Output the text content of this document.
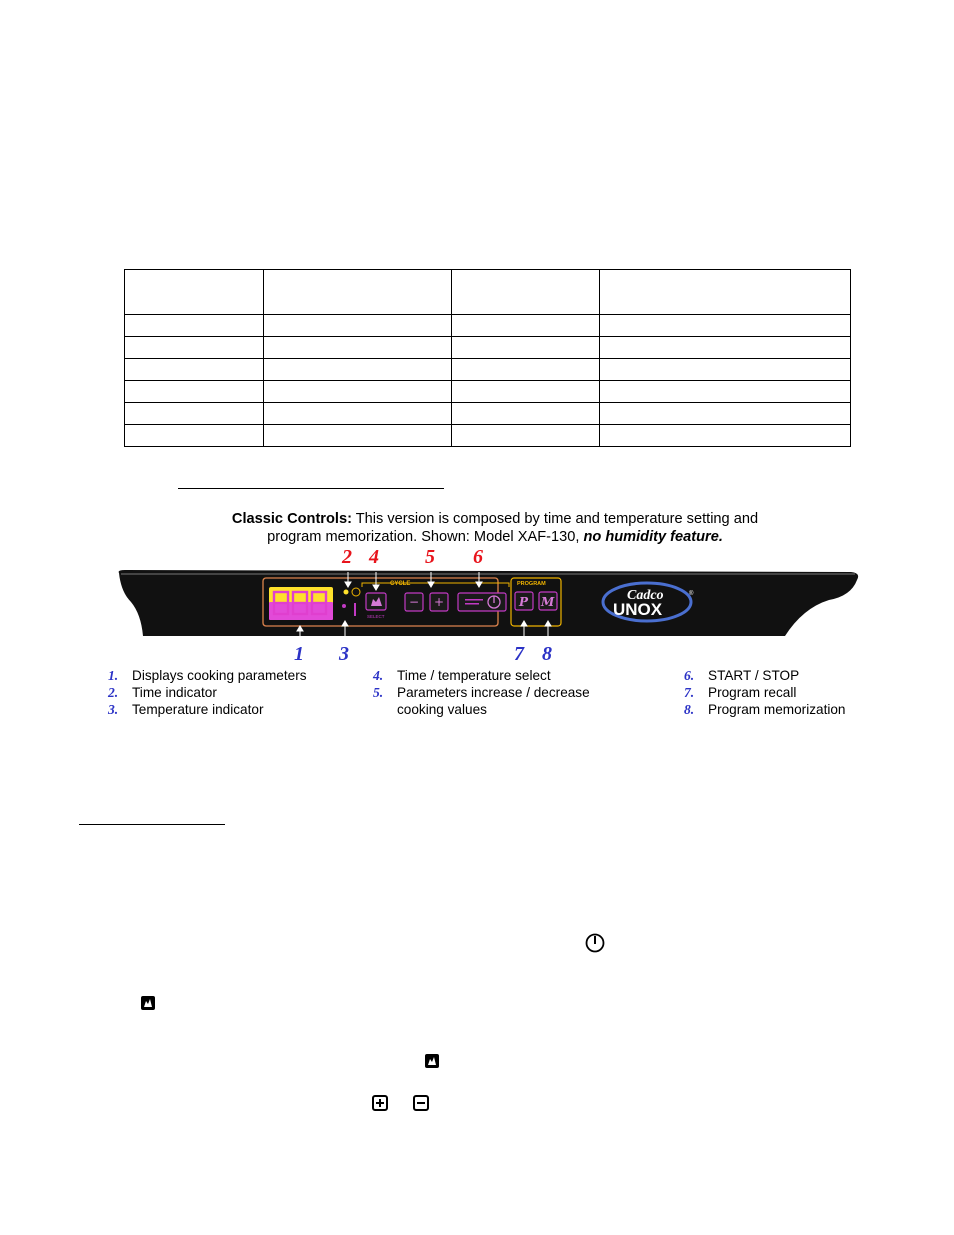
Classic Controls: This version is composed by time and temperature setting and
program memorization. Shown: Model XAF-130, no humidity feature.
CYCLE
SELECT
− +
PROGRAM
P M	Cadco
UNOX
®
2 4 5 6
1 3	7 8
1. Displays cooking parameters
2. Time indicator
3. Temperature indicator
4. Time / temperature select
5. Parameters increase / decrease
cooking values
6. START / STOP
7. Program recall
8. Program memorization
